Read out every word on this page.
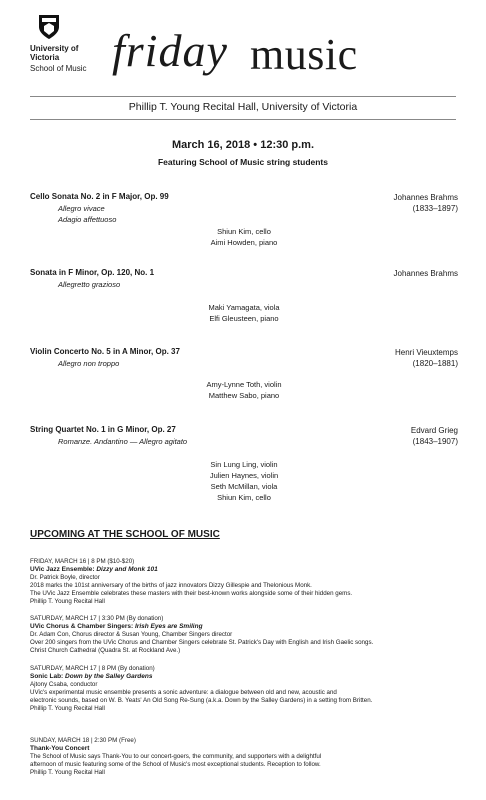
University of Victoria
School of Music friday music
Phillip T. Young Recital Hall, University of Victoria
March 16, 2018 • 12:30 p.m.
Featuring School of Music string students
Cello Sonata No. 2 in F Major, Op. 99	Johannes Brahms
(1833–1897)
Allegro vivace
Adagio affettuoso
Shiun Kim, cello
Aimi Howden, piano
Sonata in F Minor, Op. 120, No. 1	Johannes Brahms
Allegretto grazioso
Maki Yamagata, viola
Elfi Gleusteen, piano
Violin Concerto No. 5 in A Minor, Op. 37	Henri Vieuxtemps
(1820–1881)
Allegro non troppo
Amy-Lynne Toth, violin
Matthew Sabo, piano
String Quartet No. 1 in G Minor, Op. 27	Edvard Grieg
(1843–1907)
Romanze. Andantino — Allegro agitato
Sin Lung Ling, violin
Julien Haynes, violin
Seth McMillan, viola
Shiun Kim, cello
UPCOMING AT THE SCHOOL OF MUSIC
FRIDAY, MARCH 16 | 8 PM ($10-$20)
UVic Jazz Ensemble: Dizzy and Monk 101
Dr. Patrick Boyle, director
2018 marks the 101st anniversary of the births of jazz innovators Dizzy Gillespie and Thelonious Monk.
The UVic Jazz Ensemble celebrates these masters with their best-known works alongside some of their hidden gems.
Phillip T. Young Recital Hall
SATURDAY, MARCH 17 | 3:30 PM (By donation)
UVic Chorus & Chamber Singers: Irish Eyes are Smiling
Dr. Adam Con, Chorus director & Susan Young, Chamber Singers director
Over 200 singers from the UVic Chorus and Chamber Singers celebrate St. Patrick's Day with English and Irish Gaelic songs.
Christ Church Cathedral (Quadra St. at Rockland Ave.)
SATURDAY, MARCH 17 | 8 PM (By donation)
Sonic Lab: Down by the Salley Gardens
Ajtony Csaba, conductor
UVic's experimental music ensemble presents a sonic adventure: a dialogue between old and new, acoustic and
electronic sounds, based on W. B. Yeats' An Old Song Re-Sung (a.k.a. Down by the Salley Gardens) in a setting from Britten.
Phillip T. Young Recital Hall
SUNDAY, MARCH 18 | 2:30 PM (Free)
Thank-You Concert
The School of Music says Thank-You to our concert-goers, the community, and supporters with a delightful
afternoon of music featuring some of the School of Music's most exceptional students. Reception to follow.
Phillip T. Young Recital Hall
